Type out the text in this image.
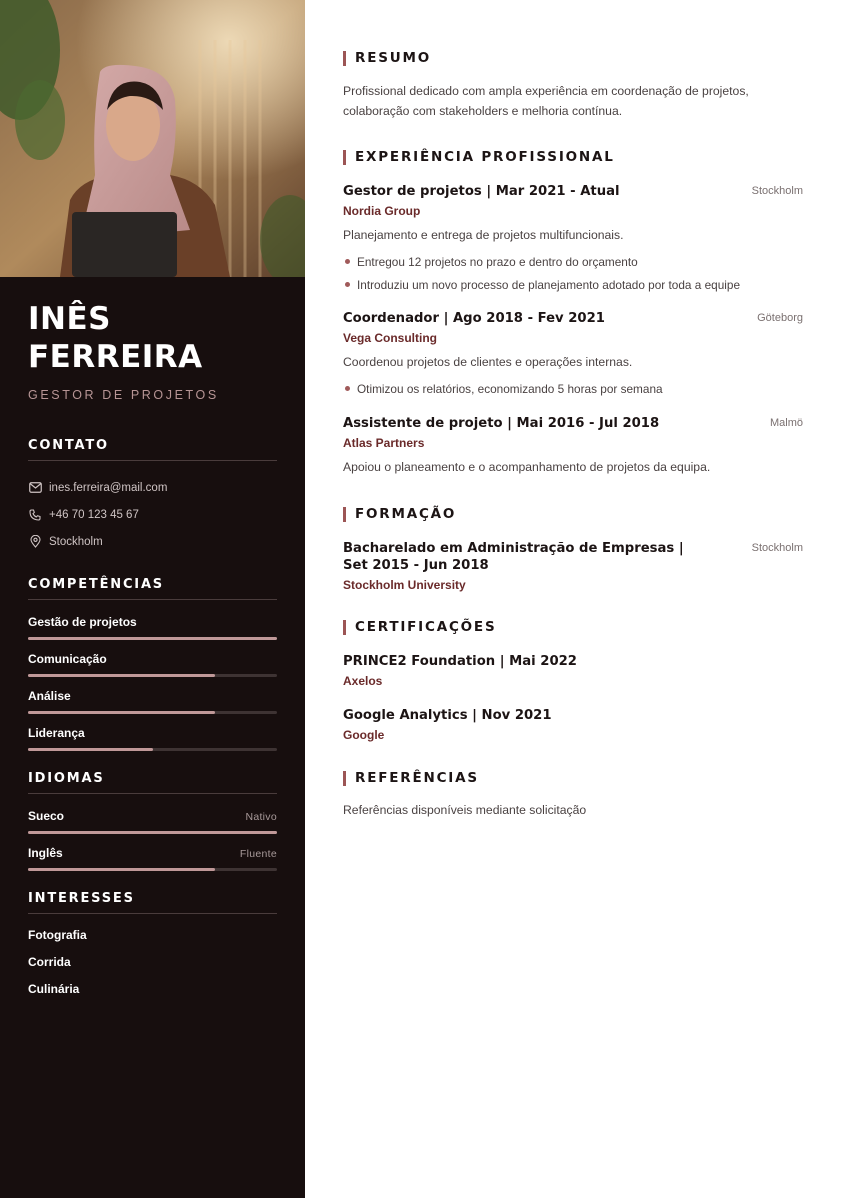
INÊS
FERREIRA
GESTOR DE PROJETOS
CONTATO
ines.ferreira@mail.com
+46 70 123 45 67
Stockholm
COMPETÊNCIAS
Gestão de projetos
Comunicação
Análise
Liderança
IDIOMAS
Sueco	Nativo
Inglês	Fluente
INTERESSES
Fotografia
Corrida
Culinária
RESUMO
Profissional dedicado com ampla experiência em coordenação de projetos, colaboração com stakeholders e melhoria contínua.
EXPERIÊNCIA PROFISSIONAL
Gestor de projetos | Mar 2021 - Atual	Stockholm
Nordia Group
Planejamento e entrega de projetos multifuncionais.
Entregou 12 projetos no prazo e dentro do orçamento
Introduziu um novo processo de planejamento adotado por toda a equipe
Coordenador | Ago 2018 - Fev 2021	Göteborg
Vega Consulting
Coordenou projetos de clientes e operações internas.
Otimizou os relatórios, economizando 5 horas por semana
Assistente de projeto | Mai 2016 - Jul 2018	Malmö
Atlas Partners
Apoiou o planeamento e o acompanhamento de projetos da equipa.
FORMAÇÃO
Bacharelado em Administração de Empresas |
Set 2015 - Jun 2018
Stockholm
Stockholm University
CERTIFICAÇÕES
PRINCE2 Foundation | Mai 2022
Axelos
Google Analytics | Nov 2021
Google
REFERÊNCIAS
Referências disponíveis mediante solicitação
